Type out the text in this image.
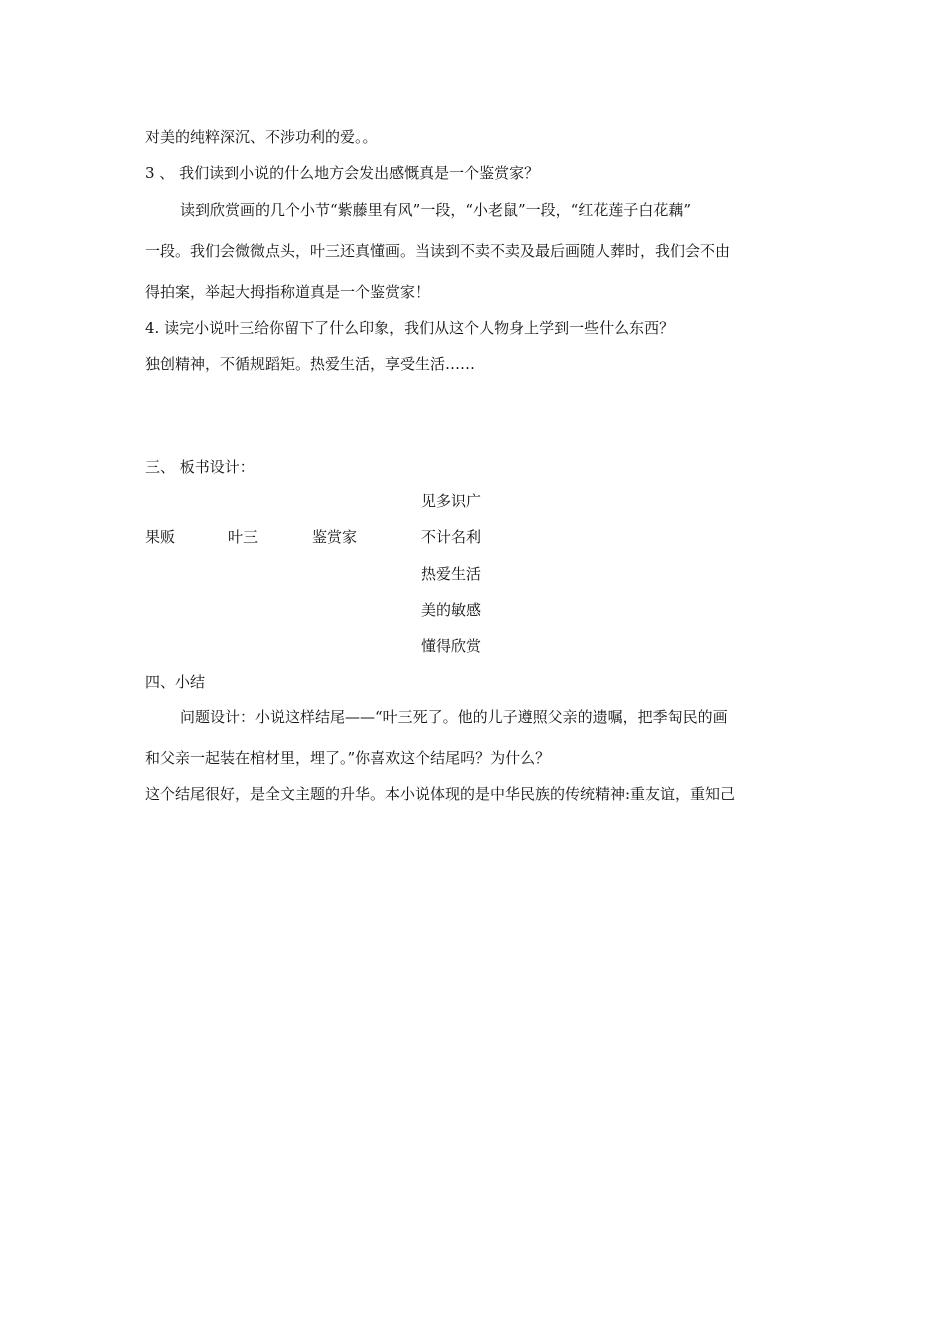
对美的纯粹深沉、不涉功利的爱。。
3 、 我们读到小说的什么地方会发出感慨真是一个鉴赏家？
读到欣赏画的几个小节“紫藤里有风”一段，“小老鼠”一段，“红花莲子白花藕”
一段。我们会微微点头，叶三还真懂画。当读到不卖不卖及最后画随人葬时，我们会不由
得拍案，举起大拇指称道真是一个鉴赏家！
4. 读完小说叶三给你留下了什么印象，我们从这个人物身上学到一些什么东西？
独创精神，不循规蹈矩。热爱生活，享受生活……
三、 板书设计：
见多识广
果贩	叶三	鉴赏家	不计名利
热爱生活
美的敏感
懂得欣赏
四、小结
问题设计：小说这样结尾——“叶三死了。他的儿子遵照父亲的遗嘱，把季匋民的画
和父亲一起装在棺材里，埋了。”你喜欢这个结尾吗？为什么？
这个结尾很好，是全文主题的升华。本小说体现的是中华民族的传统精神:重友谊，重知己
